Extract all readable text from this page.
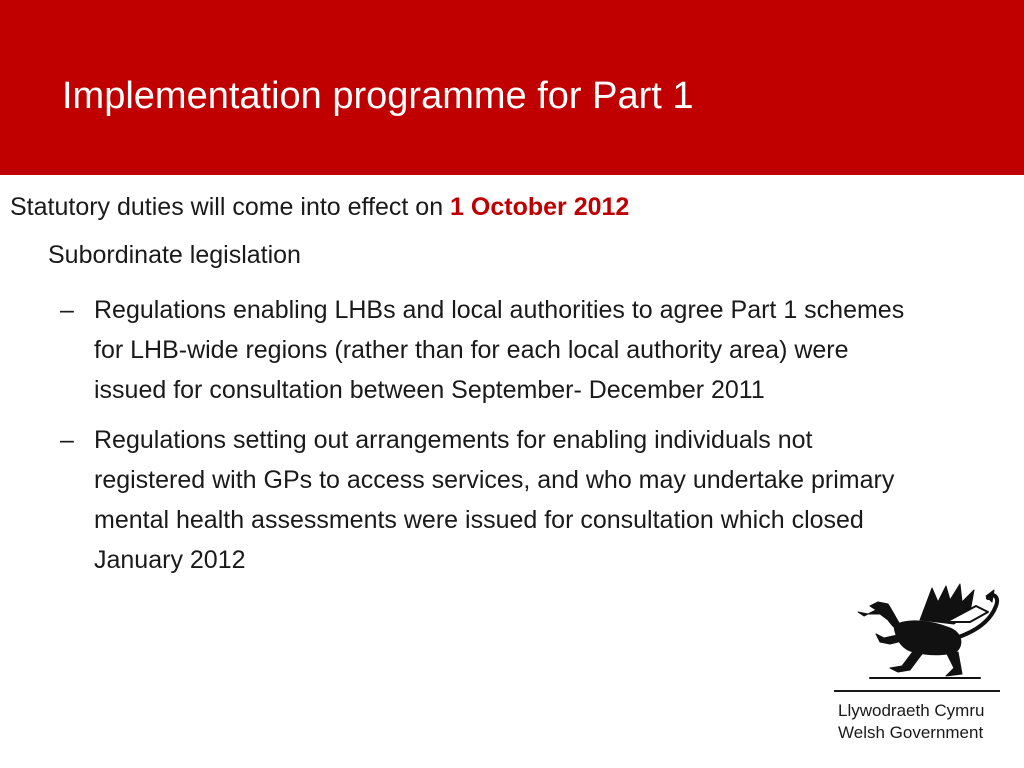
Implementation programme for Part 1

Statutory duties will come into effect on 1 October 2012

Subordinate legislation

– Regulations enabling LHBs and local authorities to agree Part 1 schemes for LHB-wide regions (rather than for each local authority area) were issued for consultation between September- December 2011
– Regulations setting out arrangements for enabling individuals not registered with GPs to access services, and who may undertake primary mental health assessments were issued for consultation which closed January 2012

Llywodraeth Cymru

Welsh Government
